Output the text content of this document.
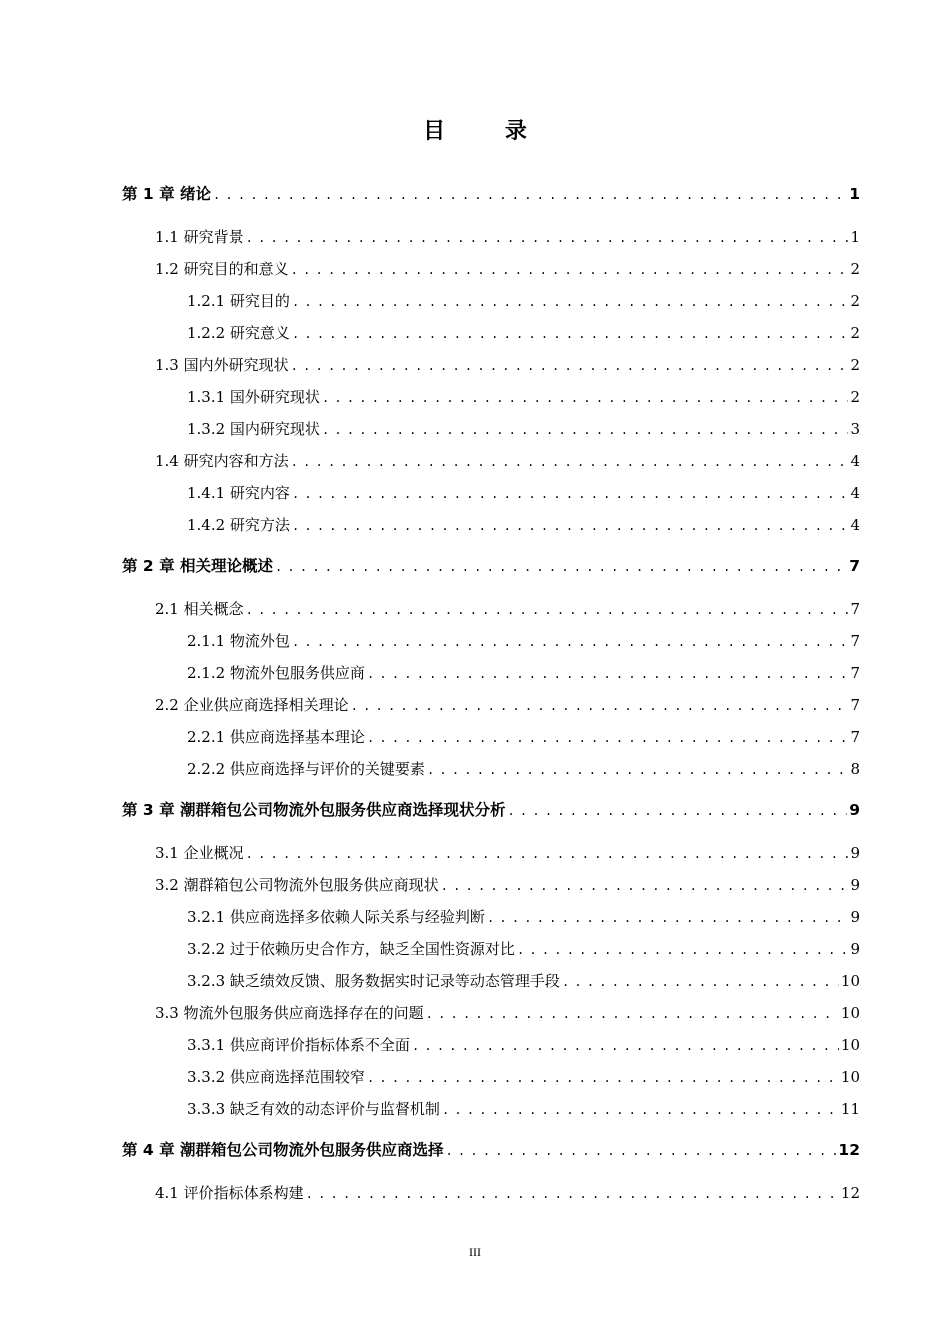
目 录
第 1 章 绪论 . . .	1
1.1 研究背景 . . .	1
1.2 研究目的和意义 . . .	2
1.2.1 研究目的 . . .	2
1.2.2 研究意义 . . .	2
1.3 国内外研究现状 . . .	2
1.3.1 国外研究现状 . . .	2
1.3.2 国内研究现状 . . .	3
1.4 研究内容和方法 . . .	4
1.4.1 研究内容 . . .	4
1.4.2 研究方法 . . .	4
第 2 章 相关理论概述 . . .	7
2.1 相关概念 . . .	7
2.1.1 物流外包 . . .	7
2.1.2 物流外包服务供应商 . . .	7
2.2 企业供应商选择相关理论 . . .	7
2.2.1 供应商选择基本理论 . . .	7
2.2.2 供应商选择与评价的关键要素 . . .	8
第 3 章 潮群箱包公司物流外包服务供应商选择现状分析 . . .	9
3.1 企业概况 . . .	9
3.2 潮群箱包公司物流外包服务供应商现状 . . .	9
3.2.1 供应商选择多依赖人际关系与经验判断 . . .	9
3.2.2 过于依赖历史合作方，缺乏全国性资源对比 . . .	9
3.2.3 缺乏绩效反馈、服务数据实时记录等动态管理手段 . . .	10
3.3 物流外包服务供应商选择存在的问题 . . .	10
3.3.1 供应商评价指标体系不全面 . . .	10
3.3.2 供应商选择范围较窄 . . .	10
3.3.3 缺乏有效的动态评价与监督机制 . . .	11
第 4 章 潮群箱包公司物流外包服务供应商选择 . . .	12
4.1 评价指标体系构建 . . .	12
III
